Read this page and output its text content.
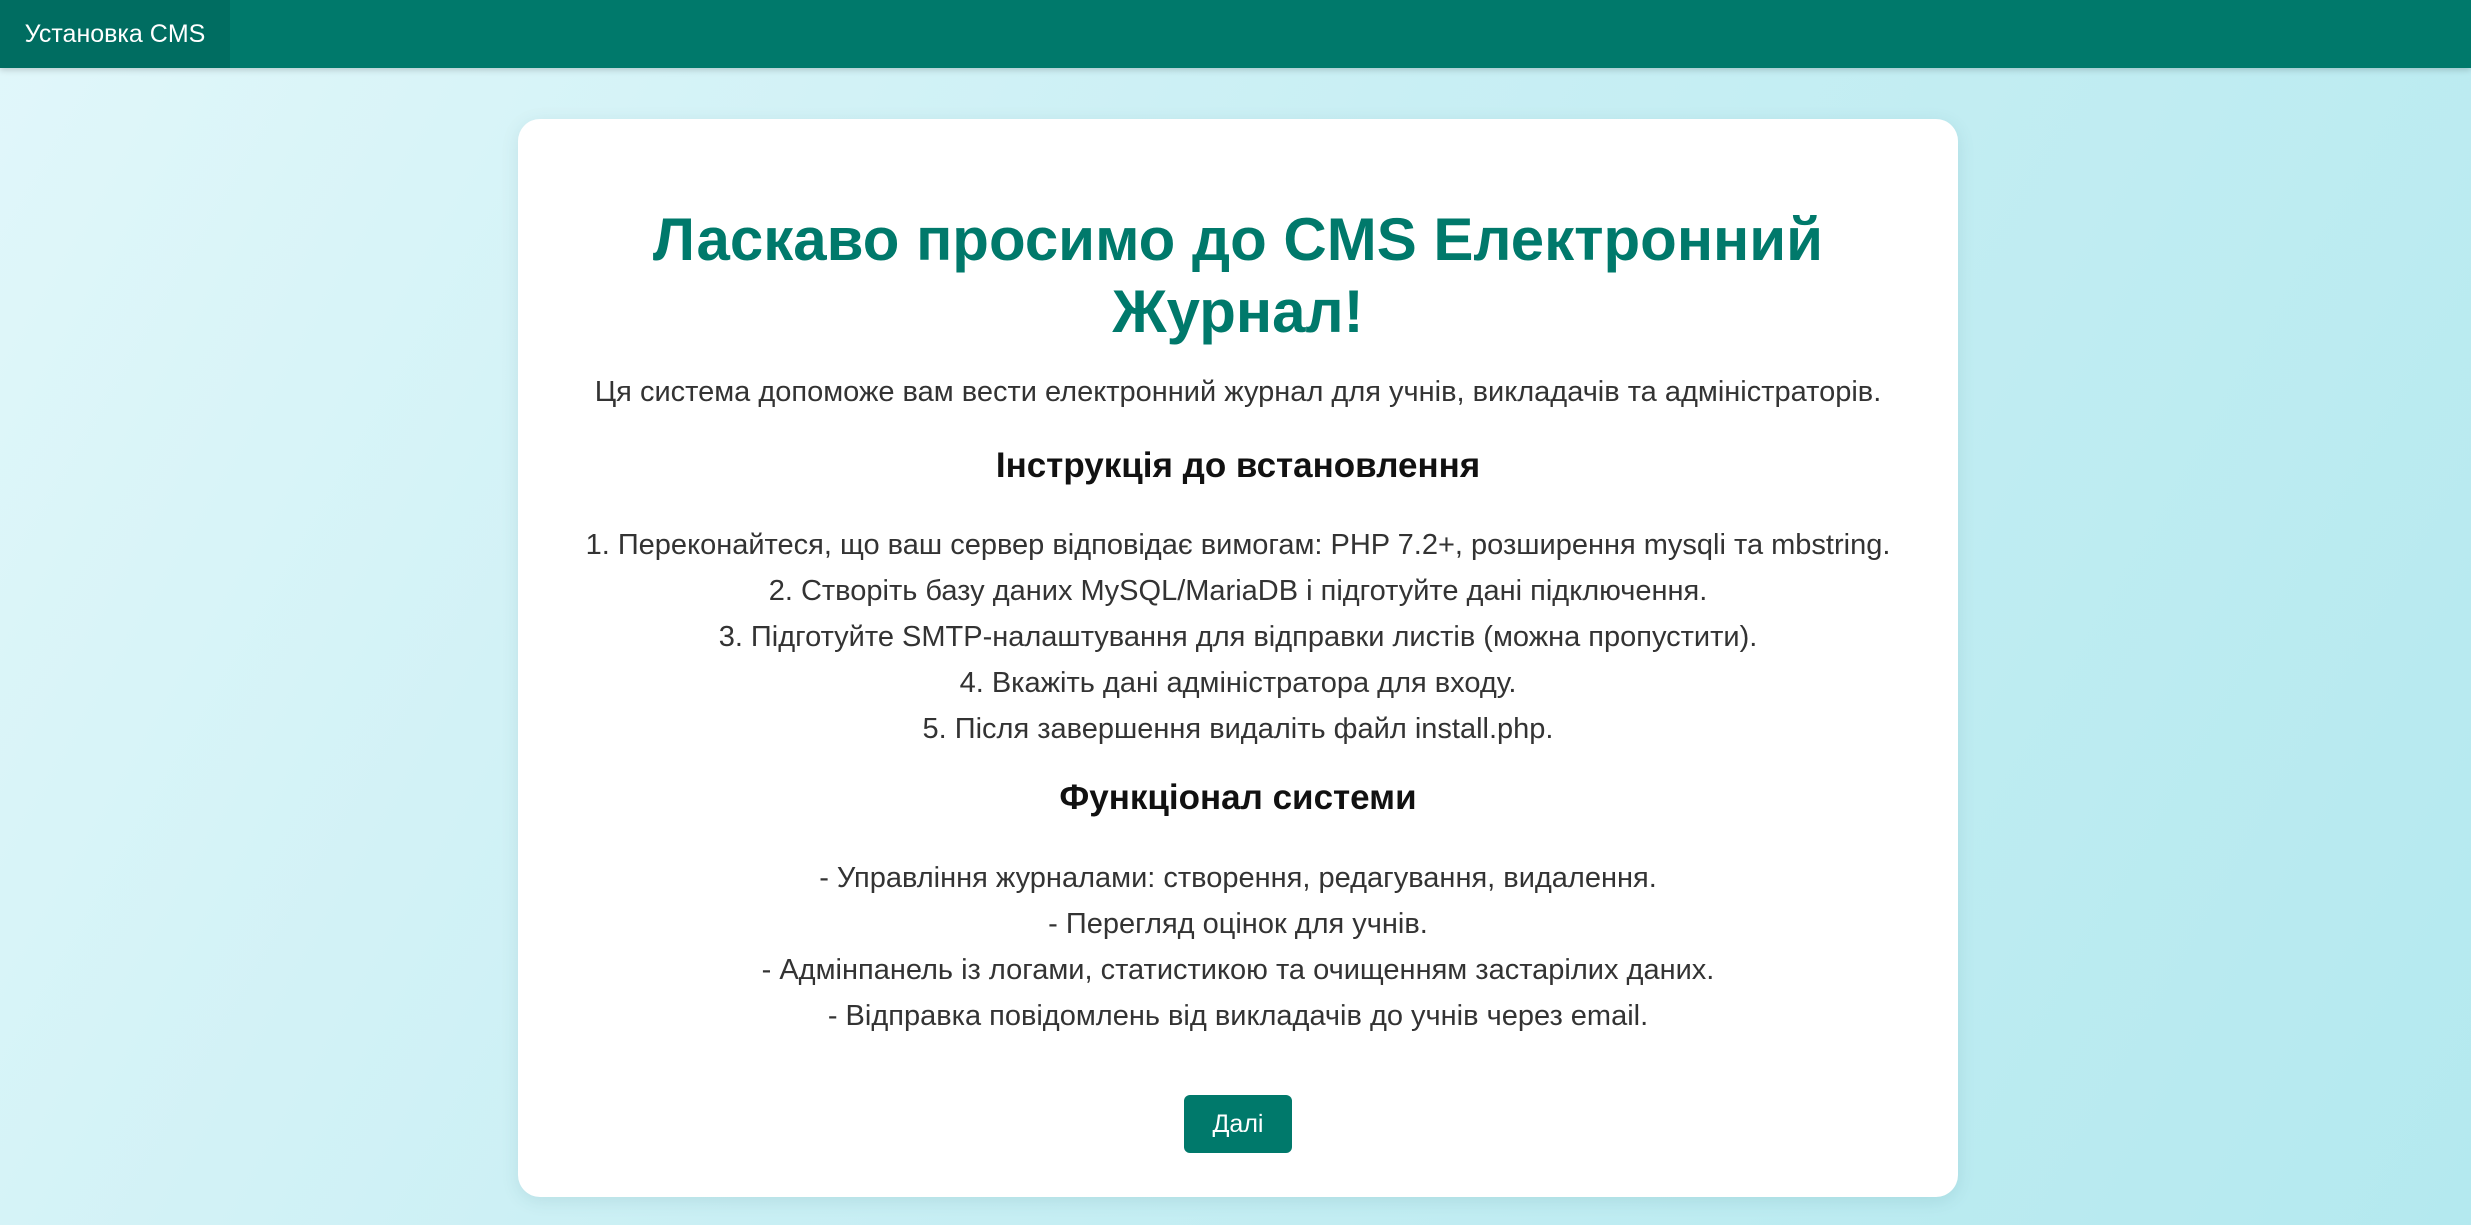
Установка CMS
Ласкаво просимо до CMS Електронний Журнал!

Ця система допоможе вам вести електронний журнал для учнів, викладачів та адміністраторів.

Інструкція до встановлення
1. Переконайтеся, що ваш сервер відповідає вимогам: PHP 7.2+, розширення mysqli та mbstring.
2. Створіть базу даних MySQL/MariaDB і підготуйте дані підключення.
3. Підготуйте SMTP-налаштування для відправки листів (можна пропустити).
4. Вкажіть дані адміністратора для входу.
5. Після завершення видаліть файл install.php.
Функціонал системи
- Управління журналами: створення, редагування, видалення.
- Перегляд оцінок для учнів.
- Адмінпанель із логами, статистикою та очищенням застарілих даних.
- Відправка повідомлень від викладачів до учнів через email.
Далі
